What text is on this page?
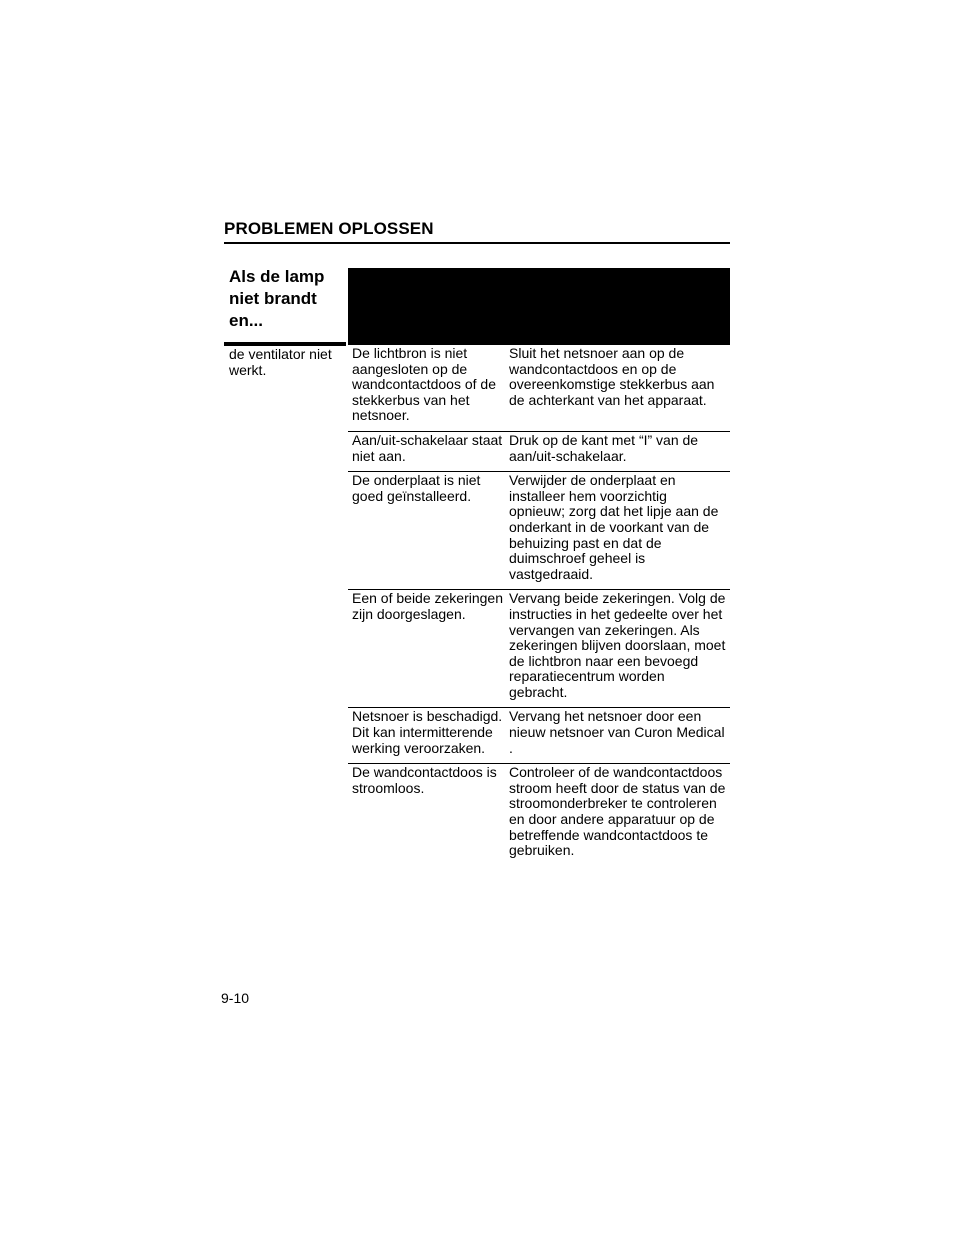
PROBLEMEN OPLOSSEN
Als de lamp niet brandt en...
de ventilator niet werkt.
De lichtbron is niet aangesloten op de wandcontactdoos of de stekkerbus van het netsnoer.
Sluit het netsnoer aan op de wandcontactdoos en op de overeenkomstige stekkerbus aan de achterkant van het apparaat.
Aan/uit-schakelaar staat niet aan.
Druk op de kant met “I” van de aan/uit-schakelaar.
De onderplaat is niet goed geïnstalleerd.
Verwijder de onderplaat en installeer hem voorzichtig opnieuw; zorg dat het lipje aan de onderkant in de voorkant van de behuizing past en dat de duimschroef geheel is vastgedraaid.
Een of beide zekeringen zijn doorgeslagen.
Vervang beide zekeringen. Volg de instructies in het gedeelte over het vervangen van zekeringen. Als zekeringen blijven doorslaan, moet de lichtbron naar een bevoegd reparatiecentrum worden gebracht.
Netsnoer is beschadigd. Dit kan intermitterende werking veroorzaken.
Vervang het netsnoer door een nieuw netsnoer van Curon Medical .
De wandcontactdoos is stroomloos.
Controleer of de wandcontactdoos stroom heeft door de status van de stroomonderbreker te controleren en door andere apparatuur op de betreffende wandcontactdoos te gebruiken.
9-10
